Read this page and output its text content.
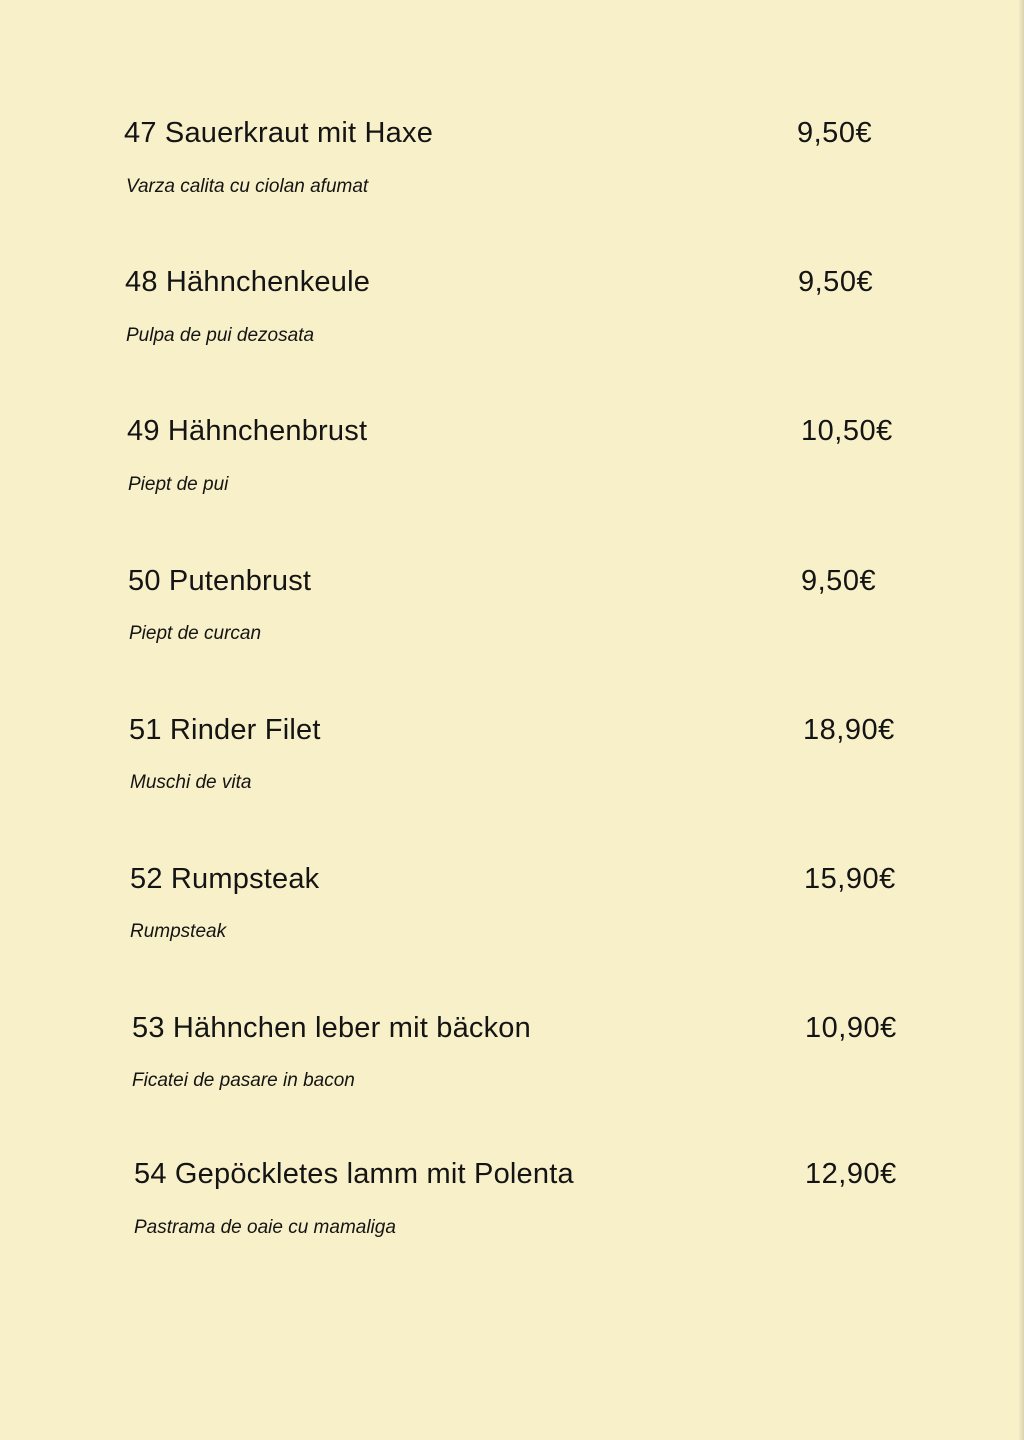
47 Sauerkraut mit Haxe	9,50€
Varza calita cu ciolan afumat
48 Hähnchenkeule	9,50€
Pulpa de pui dezosata
49 Hähnchenbrust	10,50€
Piept de pui
50 Putenbrust	9,50€
Piept de curcan
51 Rinder Filet	18,90€
Muschi de vita
52 Rumpsteak	15,90€
Rumpsteak
53 Hähnchen leber mit bäckon	10,90€
Ficatei de pasare in bacon
54 Gepöckletes lamm mit Polenta	12,90€
Pastrama de oaie cu mamaliga
